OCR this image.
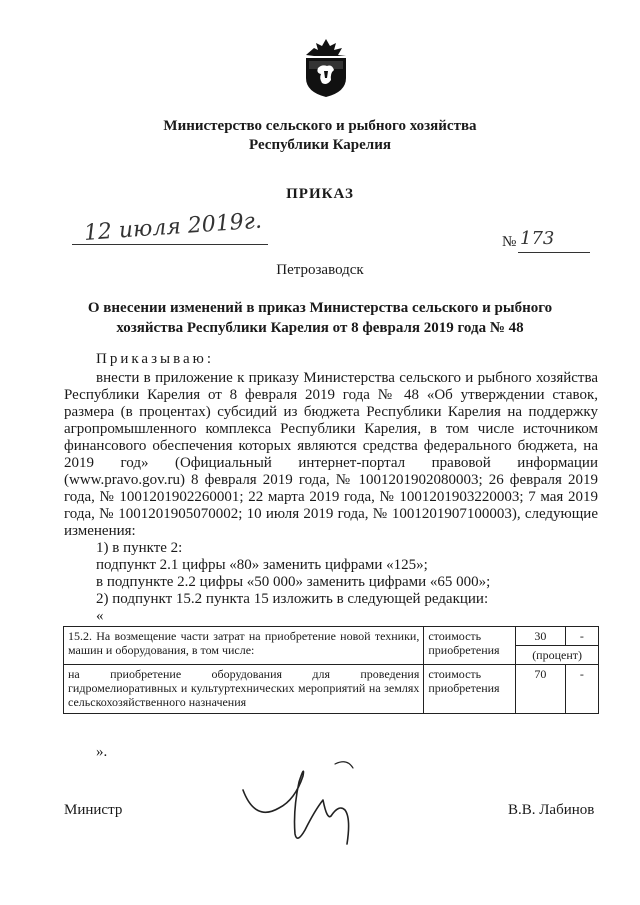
Министерство сельского и рыбного хозяйства
Республики Карелия
ПРИКАЗ
12 июля 2019г.	№ 173
Петрозаводск
О внесении изменений в приказ Министерства сельского и рыбного
хозяйства Республики Карелия от 8 февраля 2019 года № 48
Приказываю:
внести в приложение к приказу Министерства сельского и рыбного хозяйства Республики Карелия от 8 февраля 2019 года № 48 «Об утверждении ставок, размера (в процентах) субсидий из бюджета Республики Карелия на поддержку агропромышленного комплекса Республики Карелия, в том числе источником финансового обеспечения которых являются средства федерального бюджета, на 2019 год» (Официальный интернет-портал правовой информации (www.pravo.gov.ru) 8 февраля 2019 года, № 1001201902080003; 26 февраля 2019 года, № 1001201902260001; 22 марта 2019 года, № 1001201903220003; 7 мая 2019 года, № 1001201905070002; 10 июля 2019 года, № 1001201907100003), следующие изменения:
1) в пункте 2:
подпункт 2.1 цифры «80» заменить цифрами «125»;
в подпункте 2.2 цифры «50 000» заменить цифрами «65 000»;
2) подпункт 15.2 пункта 15 изложить в следующей редакции:
«
15.2. На возмещение части затрат на приобретение новой техники, машин и оборудования, в том числе:	стоимость приобретения	30	-
		(процент)	
на приобретение оборудования для проведения гидромелиоративных и культуртехнических мероприятий на землях сельскохозяйственного назначения	стоимость приобретения	70	-
».
Министр	В.В. Лабинов
